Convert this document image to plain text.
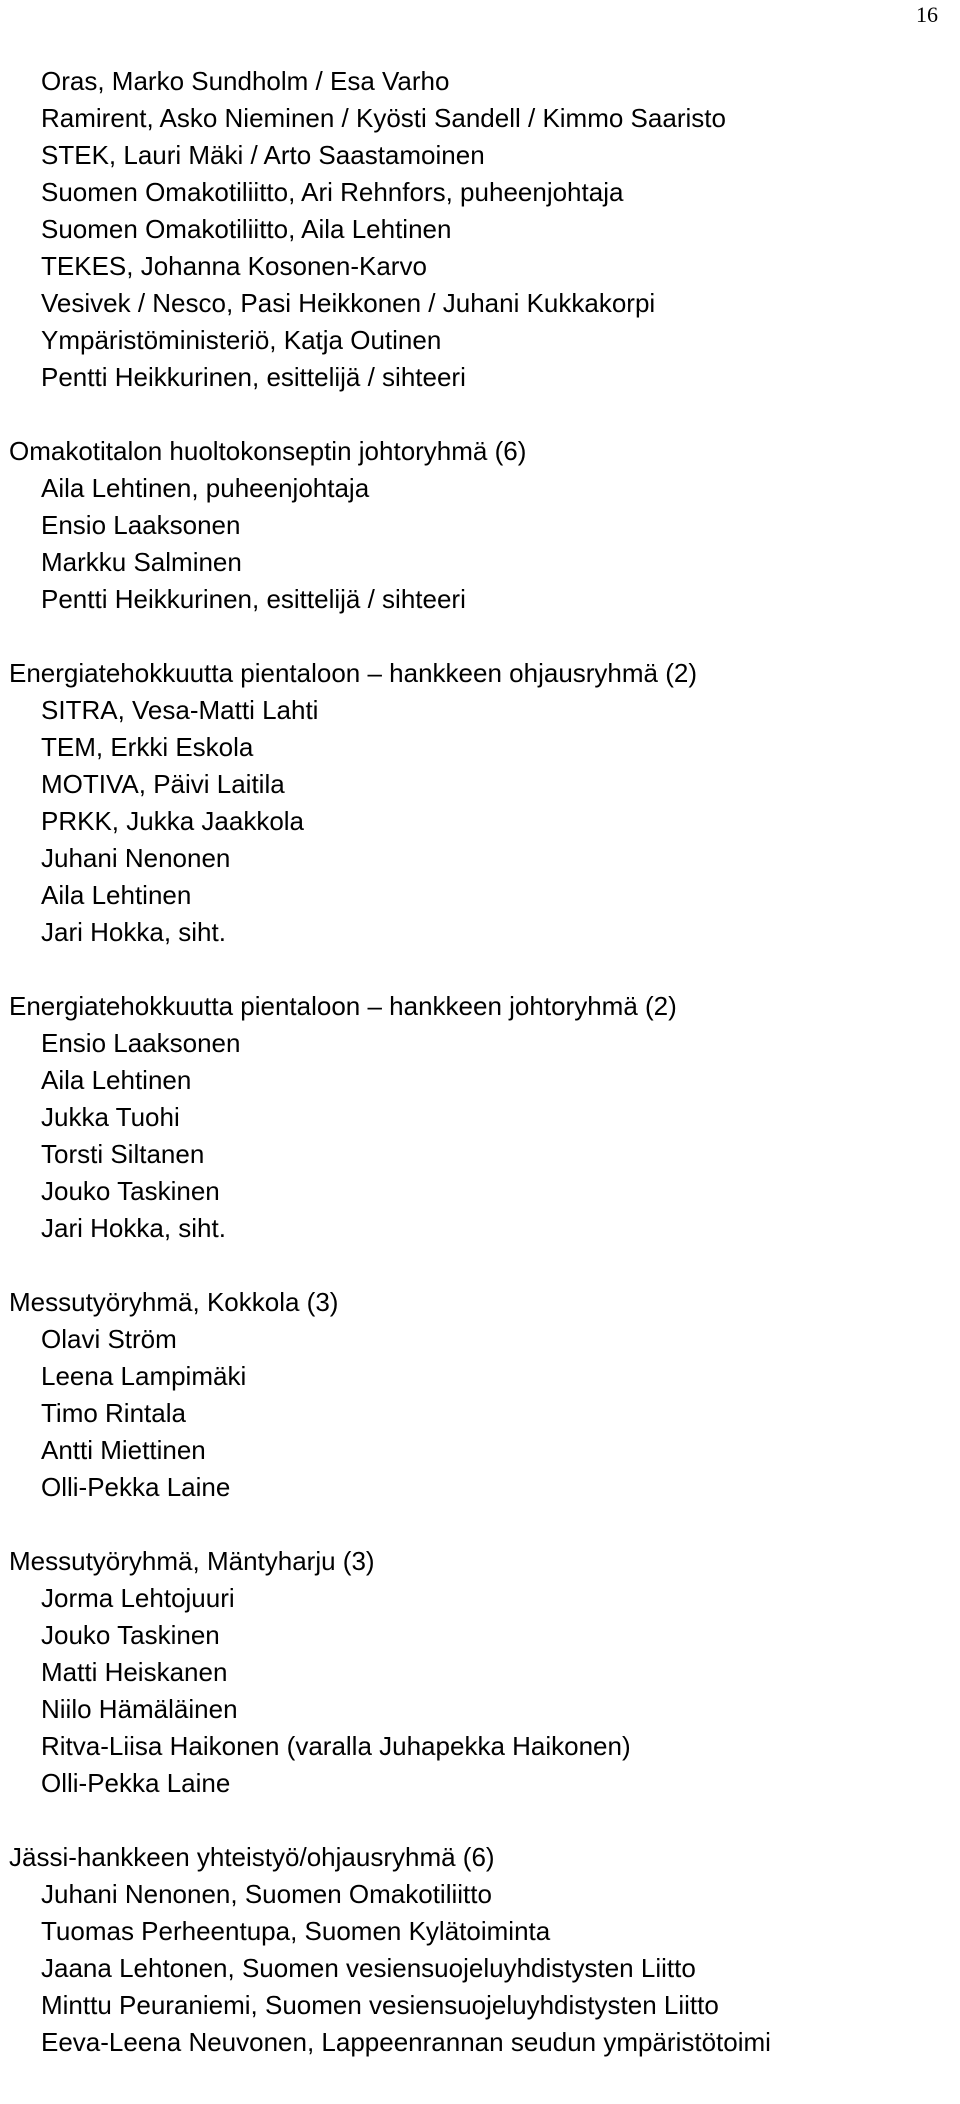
16
Oras, Marko Sundholm / Esa Varho
Ramirent, Asko Nieminen / Kyösti Sandell / Kimmo Saaristo
STEK, Lauri Mäki / Arto Saastamoinen
Suomen Omakotiliitto, Ari Rehnfors, puheenjohtaja
Suomen Omakotiliitto, Aila Lehtinen
TEKES, Johanna Kosonen-Karvo
Vesivek / Nesco, Pasi Heikkonen / Juhani Kukkakorpi
Ympäristöministeriö, Katja Outinen
Pentti Heikkurinen, esittelijä / sihteeri
Omakotitalon huoltokonseptin johtoryhmä (6)
Aila Lehtinen, puheenjohtaja
Ensio Laaksonen
Markku Salminen
Pentti Heikkurinen, esittelijä / sihteeri
Energiatehokkuutta pientaloon – hankkeen ohjausryhmä (2)
SITRA, Vesa-Matti Lahti
TEM, Erkki Eskola
MOTIVA, Päivi Laitila
PRKK, Jukka Jaakkola
Juhani Nenonen
Aila Lehtinen
Jari Hokka, siht.
Energiatehokkuutta pientaloon – hankkeen johtoryhmä (2)
Ensio Laaksonen
Aila Lehtinen
Jukka Tuohi
Torsti Siltanen
Jouko Taskinen
Jari Hokka, siht.
Messutyöryhmä, Kokkola (3)
Olavi Ström
Leena Lampimäki
Timo Rintala
Antti Miettinen
Olli-Pekka Laine
Messutyöryhmä, Mäntyharju (3)
Jorma Lehtojuuri
Jouko Taskinen
Matti Heiskanen
Niilo Hämäläinen
Ritva-Liisa Haikonen (varalla Juhapekka Haikonen)
Olli-Pekka Laine
Jässi-hankkeen yhteistyö/ohjausryhmä (6)
Juhani Nenonen, Suomen Omakotiliitto
Tuomas Perheentupa, Suomen Kylätoiminta
Jaana Lehtonen, Suomen vesiensuojeluyhdistysten Liitto
Minttu Peuraniemi, Suomen vesiensuojeluyhdistysten Liitto
Eeva-Leena Neuvonen, Lappeenrannan seudun ympäristötoimi
